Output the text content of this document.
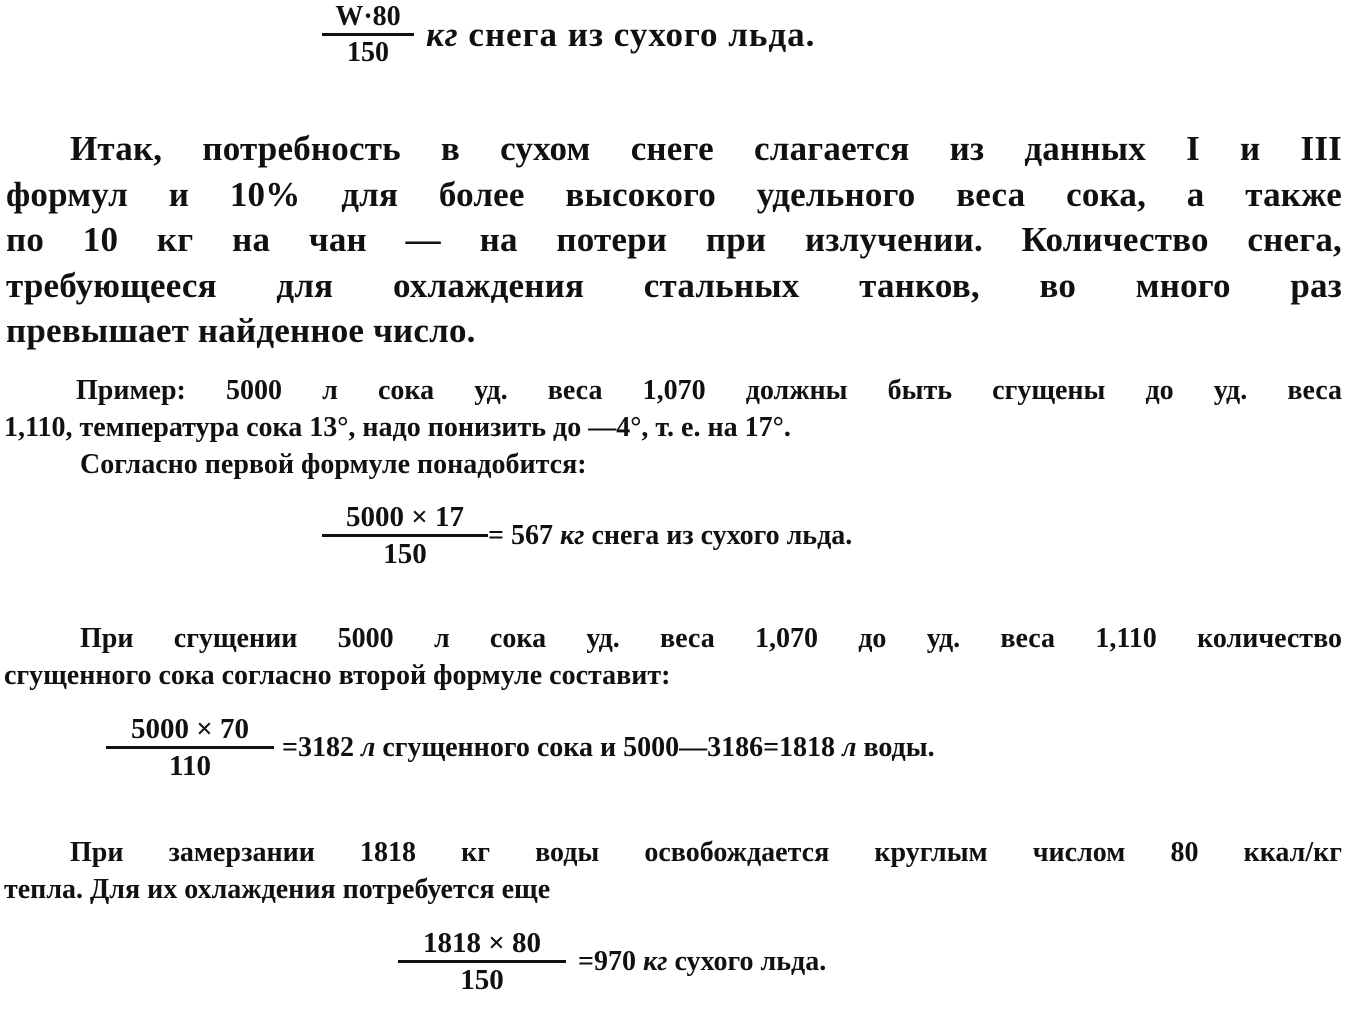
$\frac{W\cdot 80}{150}$ кг снега из сухого льда.
Итак, потребность в сухом снеге слагается из данных I и III
формул и 10% для более высокого удельного веса сока, а также
по 10 кг на чан — на потери при излучении. Количество снега,
требующееся для охлаждения стальных танков, во много раз
превышает найденное число.
Пример: 5000 л сока уд. веса 1,070 должны быть сгущены до уд. веса
1,110, температура сока 13°, надо понизить до —4°, т. е. на 17°.
Согласно первой формуле понадобится:
$\frac{5000 \times 17}{150} = 567$ кг снега из сухого льда.
При сгущении 5000 л сока уд. веса 1,070 до уд. веса 1,110 количество
сгущенного сока согласно второй формуле составит:
$\frac{5000 \times 70}{110} =3182$ л сгущенного сока и 5000—3186=1818 л воды.
При замерзании 1818 кг воды освобождается круглым числом 80 ккал/кг
тепла. Для их охлаждения потребуется еще
$\frac{1818 \times 80}{150} =970$ кг сухого льда.
